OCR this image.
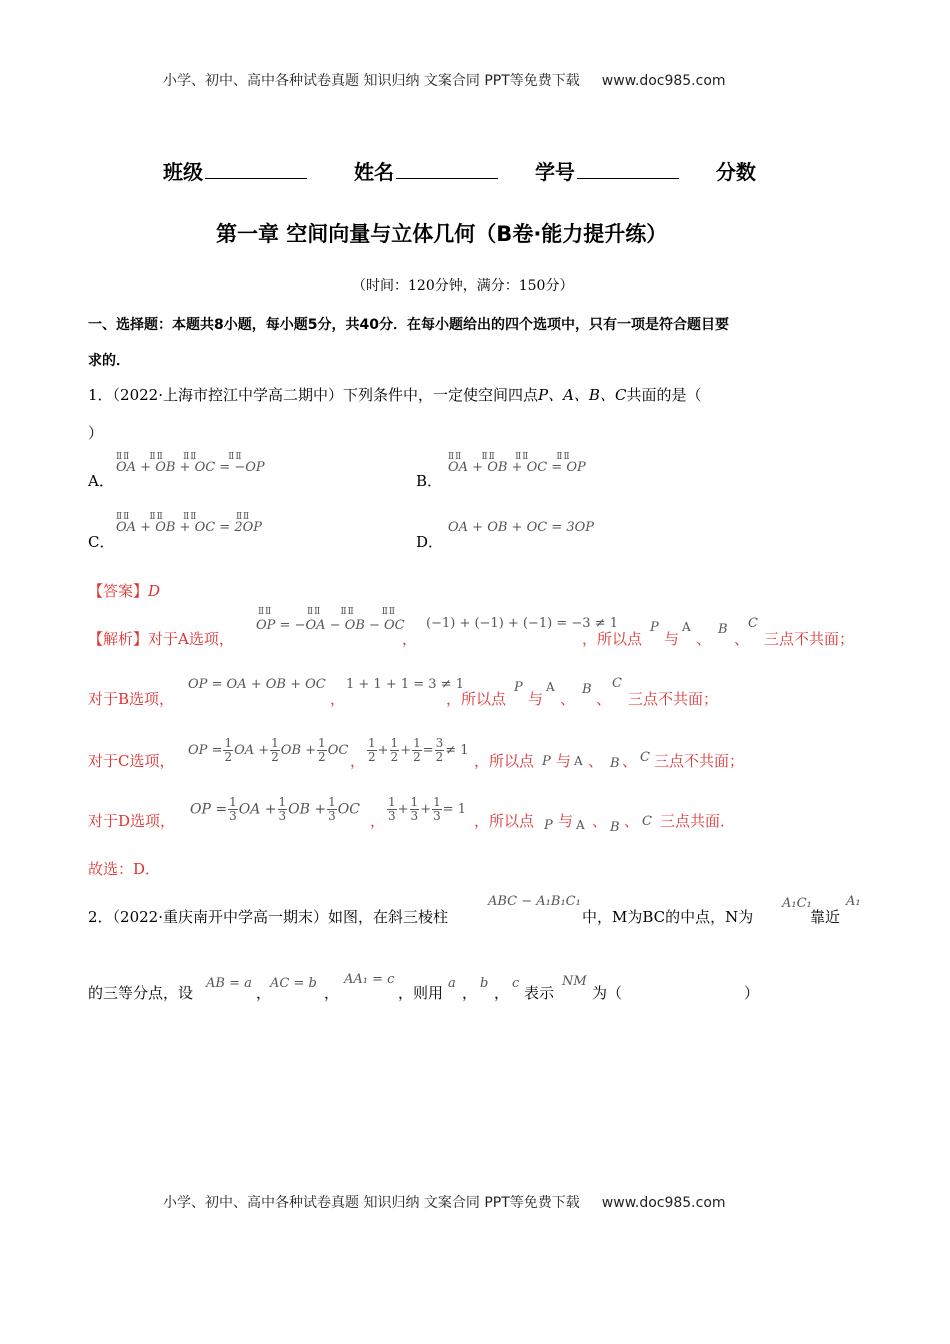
小学、初中、高中各种试卷真题 知识归纳 文案合同 PPT等免费下载 www.doc985.com
班级	姓名	学号	分数
第一章 空间向量与立体几何（B卷·能力提升练）
（时间：120分钟，满分：150分）
一、选择题：本题共8小题，每小题5分，共40分．在每小题给出的四个选项中，只有一项是符合题目要
求的．
1．（2022·上海市控江中学高二期中）下列条件中，一定使空间四点P、A、B、C共面的是（
）
ⅡⅡ ⅡⅡ ⅡⅡ	ⅡⅡ
A．
OA + OB + OC = −OP
ⅡⅡ ⅡⅡ ⅡⅡ	ⅡⅡ
B．
OA + OB + OC = OP
ⅡⅡ ⅡⅡ ⅡⅡ	ⅡⅡ
C．
OA + OB + OC = 2OP
D．
OA + OB + OC = 3OP
【答案】D
ⅡⅡ	ⅡⅡ ⅡⅡ	ⅡⅡ
【解析】对于A选项，
OP = −OA − OB − OC
，
(−1) + (−1) + (−1) = −3 ≠ 1
，所以点
P
与
A
、
B
、
C
三点不共面；
对于B选项，
OP = OA + OB + OC
，
1 + 1 + 1 = 3 ≠ 1
，所以点
P
与
A
、
B
、
C
三点不共面；
对于C选项，
OP = $\frac{1}{2}$ OA + $\frac{1}{2}$ OB + $\frac{1}{2}$ OC
， $\frac{1}{2} + \frac{1}{2} + \frac{1}{2} = \frac{3}{2} \ne 1$
，所以点 P 与 A 、 B 、 C 三点不共面；
对于D选项，
OP = $\frac{1}{3}$ OA + $\frac{1}{3}$ OB + $\frac{1}{3}$ OC
， $\frac{1}{3} + \frac{1}{3} + \frac{1}{3} = 1$
，所以点 P 与 A 、 B 、 C 三点共面．
故选：D．
2．（2022·重庆南开中学高一期末）如图，在斜三棱柱
ABC − A₁B₁C₁
中，M为BC的中点，N为
A₁C₁
靠近
A₁
的三等分点，设
AB = a
，
AC = b
，
AA₁ = c
，则用
a
，
b
，
c
表示
NM
为（	）
小学、初中、高中各种试卷真题 知识归纳 文案合同 PPT等免费下载 www.doc985.com
